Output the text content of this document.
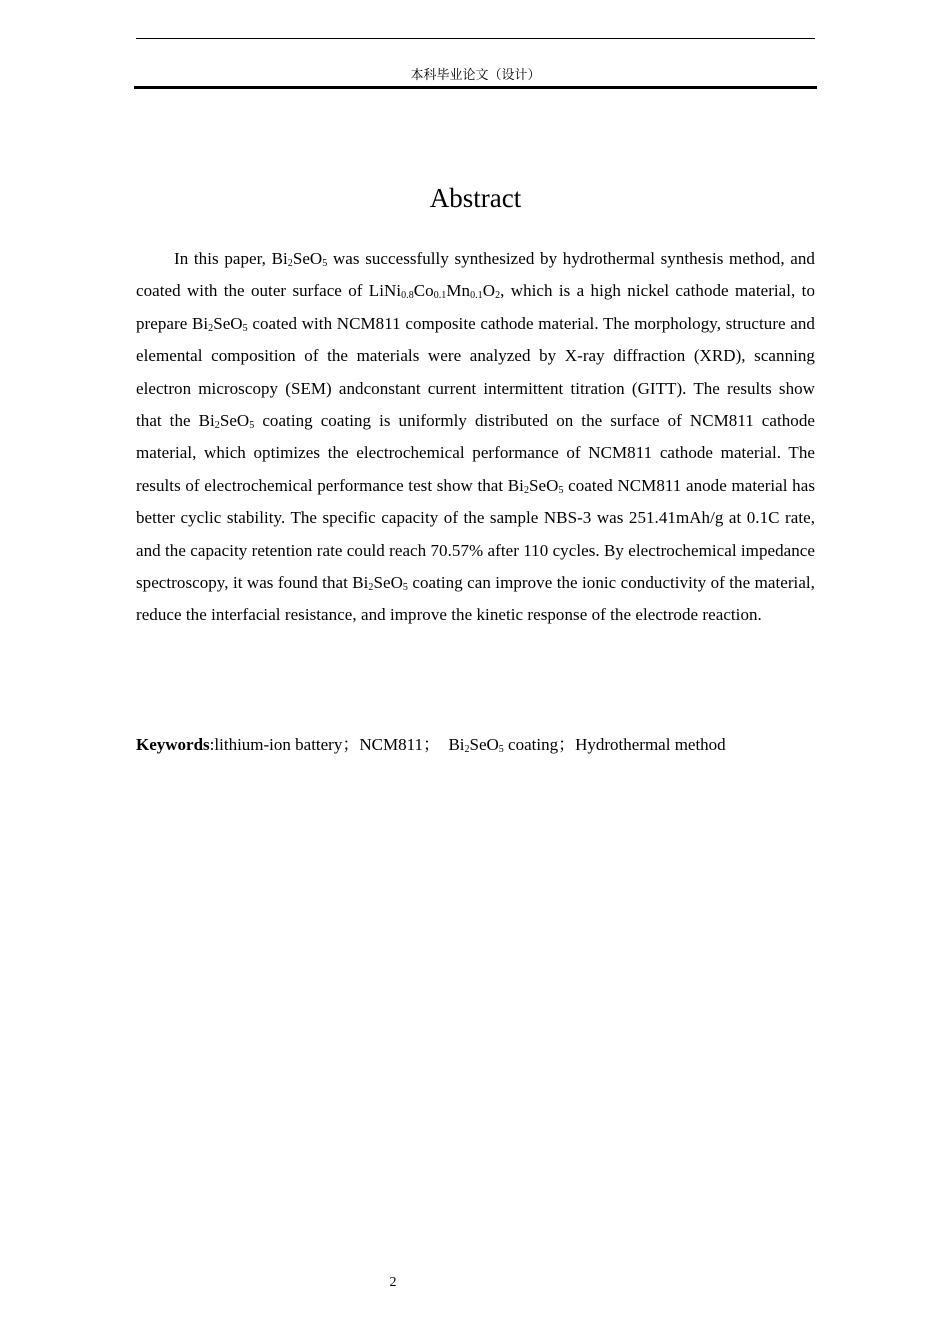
本科毕业论文（设计）
Abstract

In this paper, $Bi_2SeO_5$ was successfully synthesized by hydrothermal synthesis method, and coated with the outer surface of $LiNi_{0.8}Co_{0.1}Mn_{0.1}O_2$, which is a high nickel cathode material, to prepare $Bi_2SeO_5$ coated with NCM811 composite cathode material. The morphology, structure and elemental composition of the materials were analyzed by X-ray diffraction (XRD), scanning electron microscopy (SEM) andconstant current intermittent titration (GITT). The results show that the $Bi_2SeO_5$ coating coating is uniformly distributed on the surface of NCM811 cathode material, which optimizes the electrochemical performance of NCM811 cathode material. The results of electrochemical performance test show that $Bi_2SeO_5$ coated NCM811 anode material has better cyclic stability. The specific capacity of the sample NBS-3 was 251.41mAh/g at 0.1C rate, and the capacity retention rate could reach 70.57% after 110 cycles. By electrochemical impedance spectroscopy, it was found that $Bi_2SeO_5$ coating can improve the ionic conductivity of the material, reduce the interfacial resistance, and improve the kinetic response of the electrode reaction.

Keywords:lithium-ion battery；NCM811；　$Bi_2SeO_5$ coating；Hydrothermal method

2
